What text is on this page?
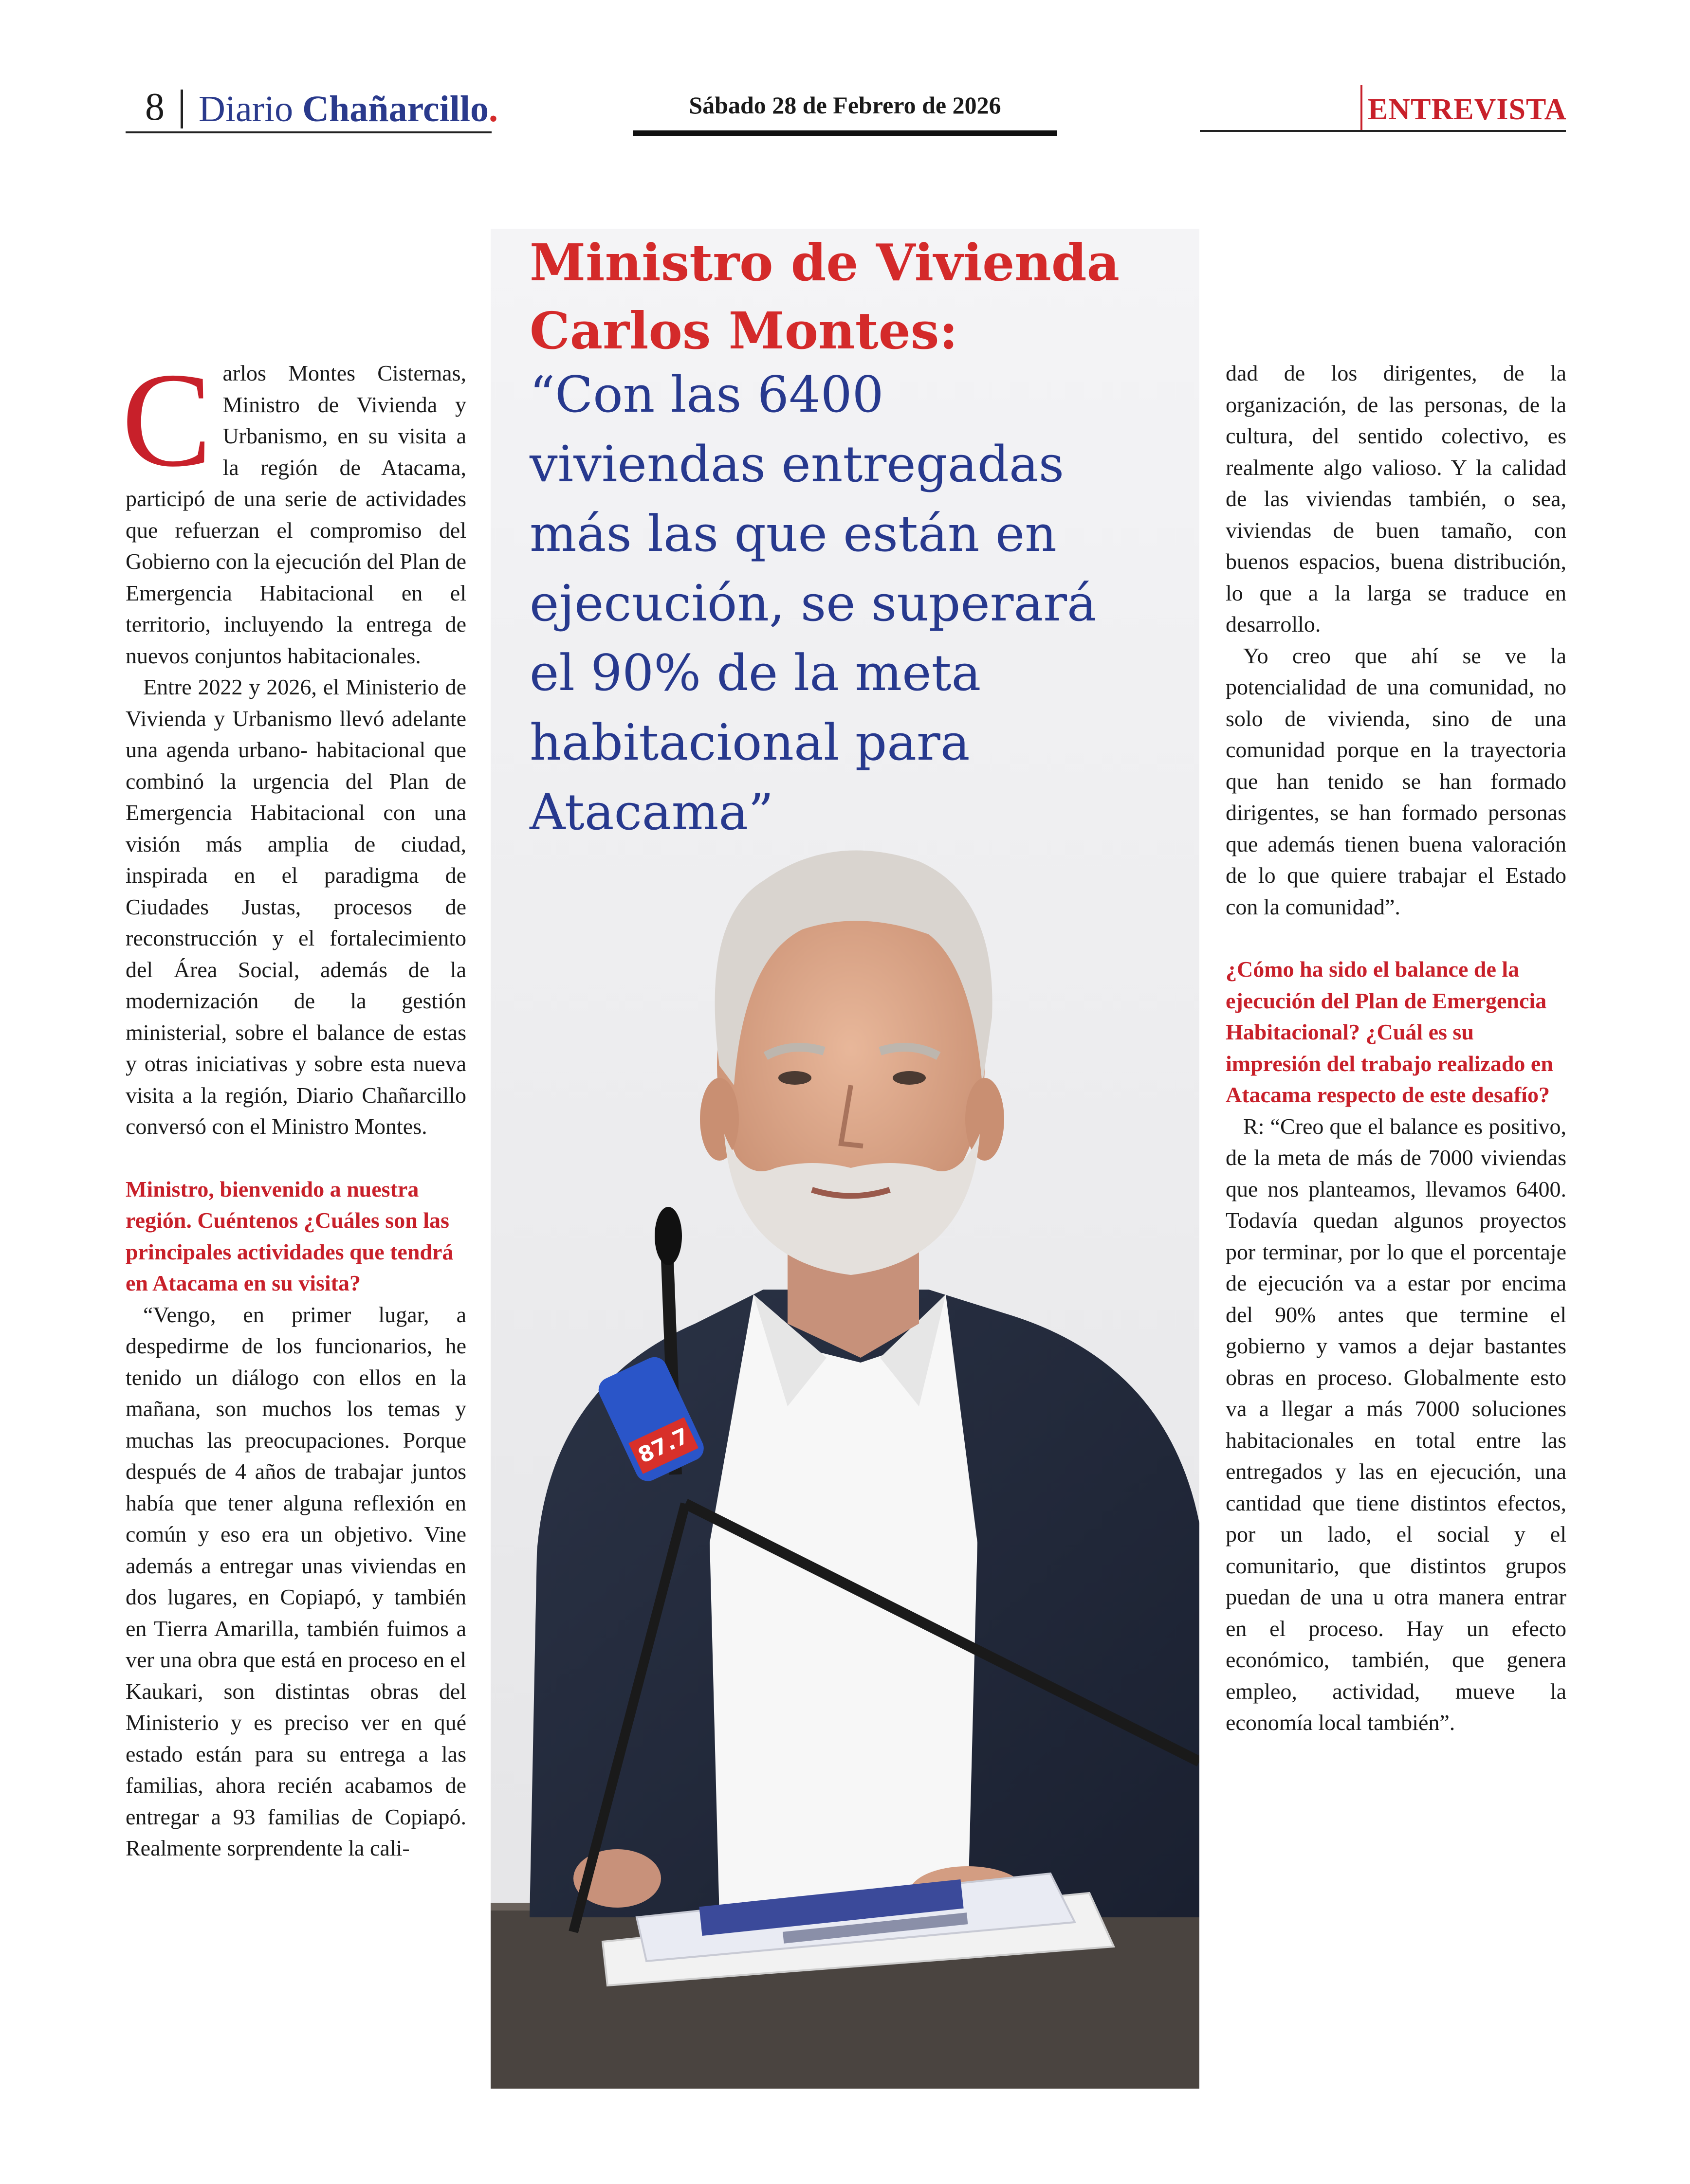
8 Diario Chañarcillo.	Sábado 28 de Febrero de 2026	ENTREVISTA
87.7
Ministro de Vivienda
Carlos Montes:
“Con las 6400
viviendas entregadas
más las que están en
ejecución, se superará
el 90% de la meta
habitacional para
Atacama”

Carlos Montes Cisternas, Ministro de Vivienda y Urbanismo, en su visita a la región de Atacama, participó de una serie de actividades que refuerzan el compromiso del Gobierno con la ejecución del Plan de Emergencia Habitacional en el territorio, incluyendo la entrega de nuevos conjuntos habitacionales.

Entre 2022 y 2026, el Ministerio de Vivienda y Urbanismo llevó adelante una agenda urbano- habitacional que combinó la urgencia del Plan de Emergencia Habitacional con una visión más amplia de ciudad, inspirada en el paradigma de Ciudades Justas, procesos de reconstrucción y el fortalecimiento del Área Social, además de la modernización de la gestión ministerial, sobre el balance de estas y otras iniciativas y sobre esta nueva visita a la región, Diario Chañarcillo conversó con el Ministro Montes.

Ministro, bienvenido a nuestra región. Cuéntenos ¿Cuáles son las principales actividades que tendrá en Atacama en su visita?

“Vengo, en primer lugar, a despedirme de los funcionarios, he tenido un diálogo con ellos en la mañana, son muchos los temas y muchas las preocupaciones. Porque después de 4 años de trabajar juntos había que tener alguna reflexión en común y eso era un objetivo. Vine además a entregar unas viviendas en dos lugares, en Copiapó, y también en Tierra Amarilla, también fuimos a ver una obra que está en proceso en el Kaukari, son distintas obras del Ministerio y es preciso ver en qué estado están para su entrega a las familias, ahora recién acabamos de entregar a 93 familias de Copiapó. Realmente sorprendente la cali-

dad de los dirigentes, de la organización, de las personas, de la cultura, del sentido colectivo, es realmente algo valioso. Y la calidad de las viviendas también, o sea, viviendas de buen tamaño, con buenos espacios, buena distribución, lo que a la larga se traduce en desarrollo.

Yo creo que ahí se ve la potencialidad de una comunidad, no solo de vivienda, sino de una comunidad porque en la trayectoria que han tenido se han formado dirigentes, se han formado personas que además tienen buena valoración de lo que quiere trabajar el Estado con la comunidad”.

¿Cómo ha sido el balance de la ejecución del Plan de Emergencia Habitacional? ¿Cuál es su impresión del trabajo realizado en Atacama respecto de este desafío?

R: “Creo que el balance es positivo, de la meta de más de 7000 viviendas que nos planteamos, llevamos 6400. Todavía quedan algunos proyectos por terminar, por lo que el porcentaje de ejecución va a estar por encima del 90% antes que termine el gobierno y vamos a dejar bastantes obras en proceso. Globalmente esto va a llegar a más 7000 soluciones habitacionales en total entre las entregados y las en ejecución, una cantidad que tiene distintos efectos, por un lado, el social y el comunitario, que distintos grupos puedan de una u otra manera entrar en el proceso. Hay un efecto económico, también, que genera empleo, actividad, mueve la economía local también”.
